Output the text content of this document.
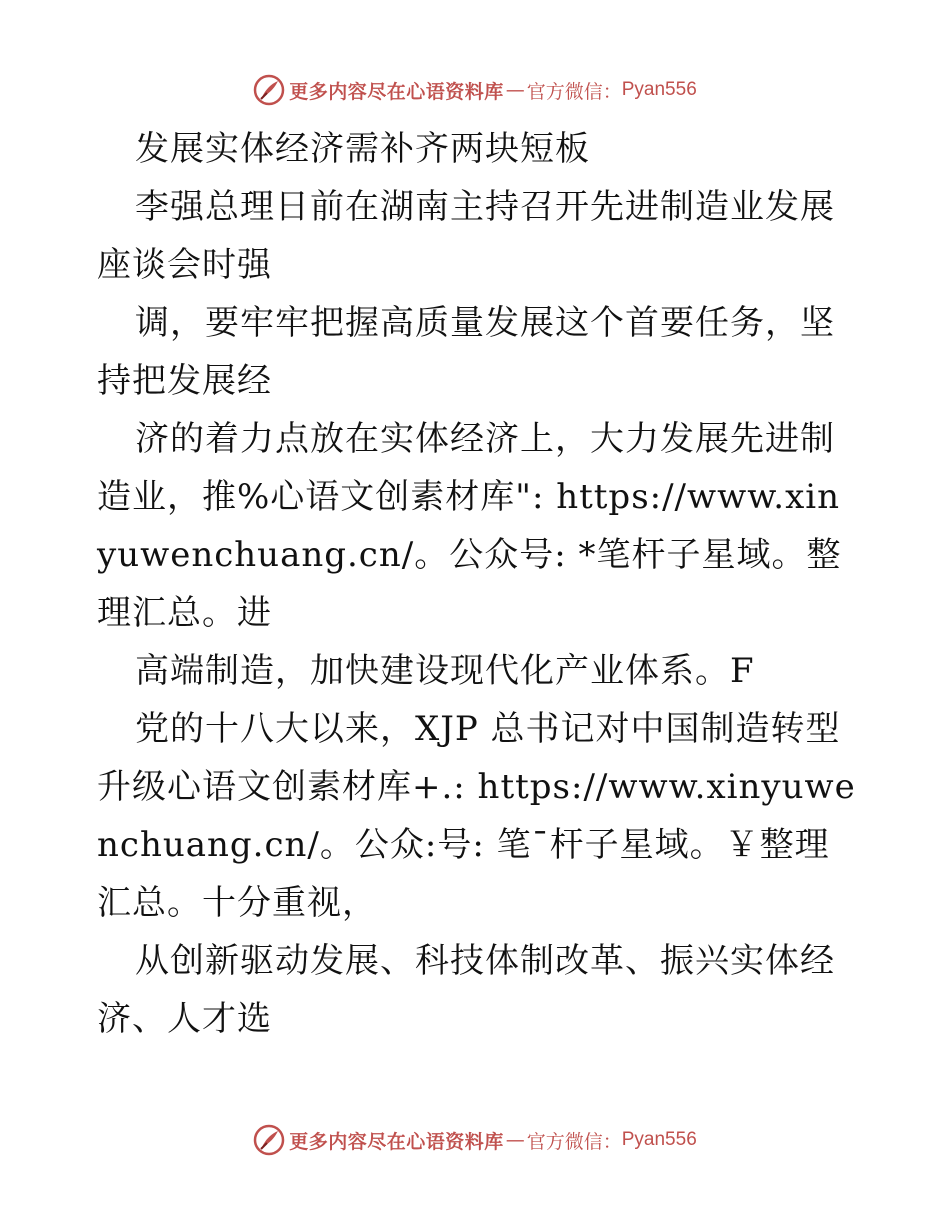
更多内容尽在心语资料库 — 官方微信： Pyan556

发展实体经济需补齐两块短板

李强总理日前在湖南主持召开先进制造业发展座谈会时强

调，要牢牢把握高质量发展这个首要任务，坚持把发展经

济的着力点放在实体经济上，大力发展先进制造业，推%心语文创素材库": https://www.xinyuwenchuang.cn/。公众号: *笔杆子星域。整理汇总。进

高端制造，加快建设现代化产业体系。F

党的十八大以来，XJP 总书记对中国制造转型升级心语文创素材库+.: https://www.xinyuwenchuang.cn/。公众:号: 笔¯杆子星域。￥整理汇总。十分重视，

从创新驱动发展、科技体制改革、振兴实体经济、人才选

更多内容尽在心语资料库 — 官方微信： Pyan556
